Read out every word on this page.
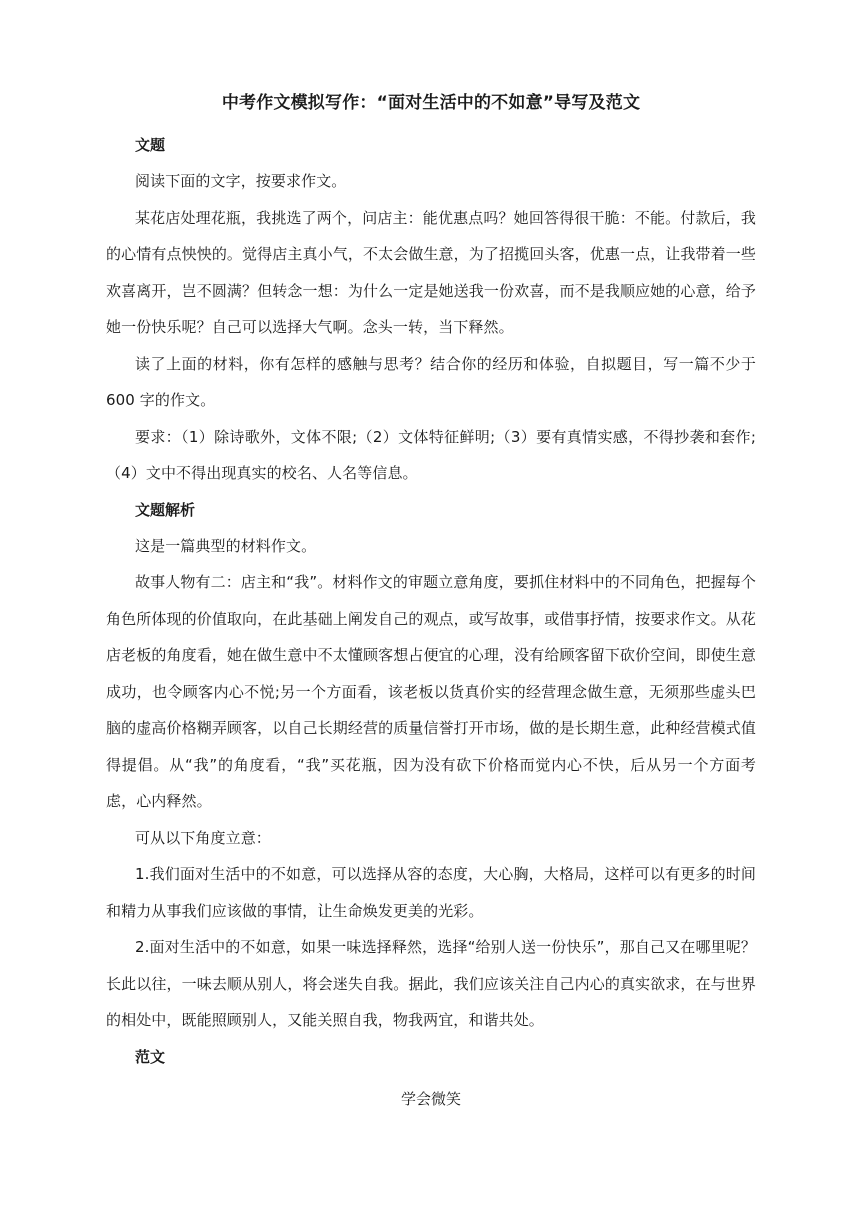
中考作文模拟写作：“面对生活中的不如意”导写及范文
文题

阅读下面的文字，按要求作文。

某花店处理花瓶，我挑选了两个，问店主：能优惠点吗？她回答得很干脆：不能。付款后，我的心情有点怏怏的。觉得店主真小气，不太会做生意，为了招揽回头客，优惠一点，让我带着一些欢喜离开，岂不圆满？但转念一想：为什么一定是她送我一份欢喜，而不是我顺应她的心意，给予她一份快乐呢？自己可以选择大气啊。念头一转，当下释然。

读了上面的材料，你有怎样的感触与思考？结合你的经历和体验，自拟题目，写一篇不少于 600 字的作文。

要求：（1）除诗歌外，文体不限;（2）文体特征鲜明;（3）要有真情实感，不得抄袭和套作;（4）文中不得出现真实的校名、人名等信息。

文题解析

这是一篇典型的材料作文。

故事人物有二：店主和“我”。材料作文的审题立意角度，要抓住材料中的不同角色，把握每个角色所体现的价值取向，在此基础上阐发自己的观点，或写故事，或借事抒情，按要求作文。从花店老板的角度看，她在做生意中不太懂顾客想占便宜的心理，没有给顾客留下砍价空间，即使生意成功，也令顾客内心不悦;另一个方面看，该老板以货真价实的经营理念做生意，无须那些虚头巴脑的虚高价格糊弄顾客，以自己长期经营的质量信誉打开市场，做的是长期生意，此种经营模式值得提倡。从“我”的角度看，“我”买花瓶，因为没有砍下价格而觉内心不快，后从另一个方面考虑，心内释然。

可从以下角度立意：

1.我们面对生活中的不如意，可以选择从容的态度，大心胸，大格局，这样可以有更多的时间和精力从事我们应该做的事情，让生命焕发更美的光彩。

2.面对生活中的不如意，如果一味选择释然，选择“给别人送一份快乐”，那自己又在哪里呢？长此以往，一味去顺从别人，将会迷失自我。据此，我们应该关注自己内心的真实欲求，在与世界的相处中，既能照顾别人，又能关照自我，物我两宜，和谐共处。

范文

学会微笑
